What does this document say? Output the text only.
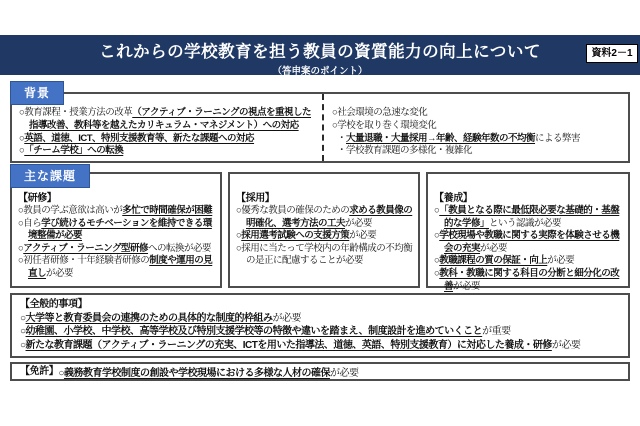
これからの学校教育を担う教員の資質能力の向上について
（答申案のポイント）
資料2－1
背景
○教育課程・授業方法の改革（アクティブ・ラーニングの視点を重視した指導改善、教科等を越えたカリキュラム・マネジメント）への対応
○英語、道徳、ICT、特別支援教育等、新たな課題への対応
○「チーム学校」への転換
○社会環境の急速な変化
○学校を取り巻く環境変化
・大量退職・大量採用→年齢、経験年数の不均衡による弊害
・学校教育課題の多様化・複雑化
主な課題
【研修】
○教員の学ぶ意欲は高いが多忙で時間確保が困難
○自ら学び続けるモチベーションを維持できる環境整備が必要
○アクティブ・ラーニング型研修への転換が必要
○初任者研修・十年経験者研修の制度や運用の見直しが必要
【採用】
○優秀な教員の確保のための求める教員像の明確化、選考方法の工夫が必要
○採用選考試験への支援方策が必要
○採用に当たって学校内の年齢構成の不均衡の是正に配慮することが必要
【養成】
○「教員となる際に最低限必要な基礎的・基盤的な学修」という認識が必要
○学校現場や教職に関する実際を体験させる機会の充実が必要
○教職課程の質の保証・向上が必要
○教科・教職に関する科目の分断と細分化の改善が必要
【全般的事項】
○大学等と教育委員会の連携のための具体的な制度的枠組みが必要
○幼稚園、小学校、中学校、高等学校及び特別支援学校等の特徴や違いを踏まえ、制度設計を進めていくことが重要
○新たな教育課題（アクティブ・ラーニングの充実、ICTを用いた指導法、道徳、英語、特別支援教育）に対応した養成・研修が必要
【免許】 ○義務教育学校制度の創設や学校現場における多様な人材の確保が必要
